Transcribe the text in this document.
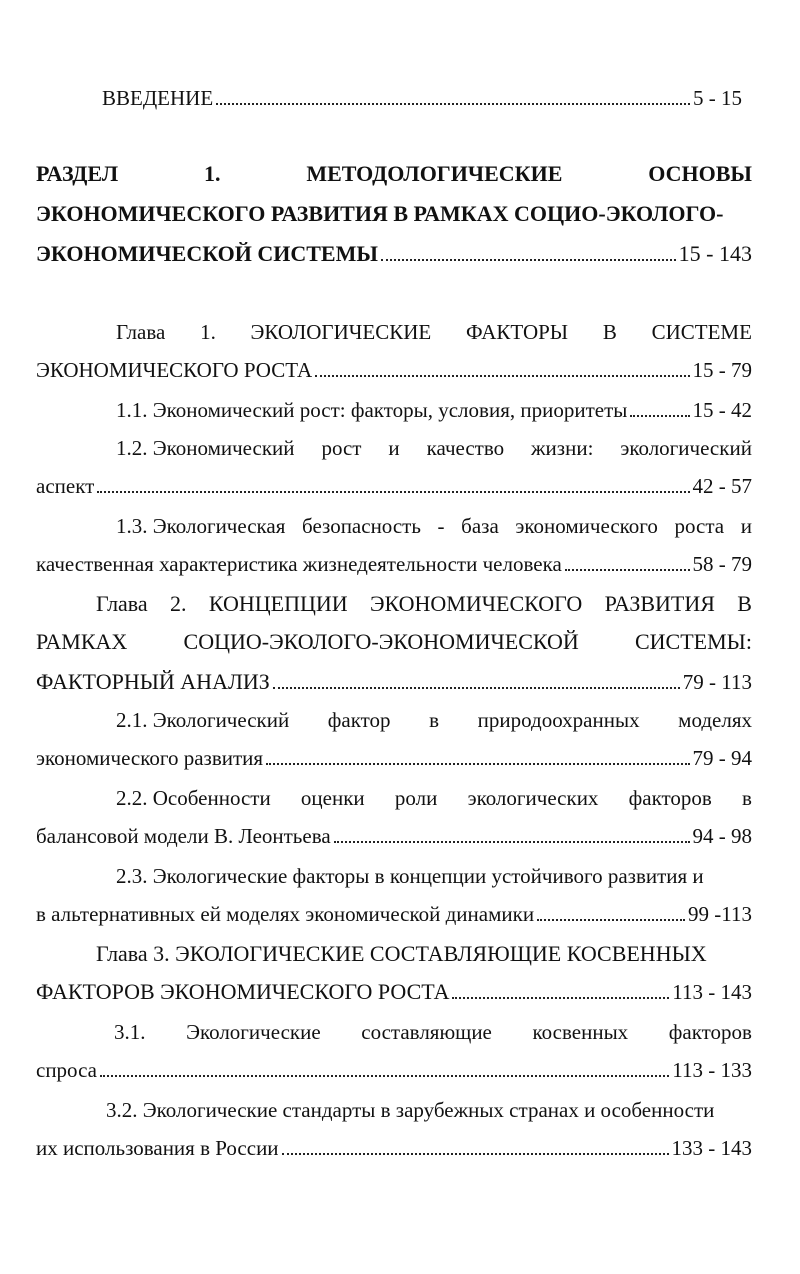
ВВЕДЕНИЕ	5 - 15
РАЗДЕЛ	1.	МЕТОДОЛОГИЧЕСКИЕ	ОСНОВЫ
ЭКОНОМИЧЕСКОГО РАЗВИТИЯ В РАМКАХ СОЦИО-ЭКОЛОГО-
ЭКОНОМИЧЕСКОЙ СИСТЕМЫ	15 - 143
Глава 1. ЭКОЛОГИЧЕСКИЕ ФАКТОРЫ В СИСТЕМЕ
ЭКОНОМИЧЕСКОГО РОСТА	15 - 79
1.1. Экономический рост: факторы, условия, приоритеты	15 - 42
1.2. Экономический рост и качество жизни: экологический
аспект	42 - 57
1.3. Экологическая безопасность - база экономического роста и
качественная характеристика жизнедеятельности человека	58 - 79
Глава 2. КОНЦЕПЦИИ ЭКОНОМИЧЕСКОГО РАЗВИТИЯ В
РАМКАХ	СОЦИО-ЭКОЛОГО-ЭКОНОМИЧЕСКОЙ	СИСТЕМЫ:
ФАКТОРНЫЙ АНАЛИЗ	79 - 113
2.1. Экологический фактор в природоохранных моделях
экономического развития	79 - 94
2.2. Особенности оценки роли экологических факторов в
балансовой модели В. Леонтьева	94 - 98
2.3. Экологические факторы в концепции устойчивого развития и
в альтернативных ей моделях экономической динамики	99 -113
Глава 3. ЭКОЛОГИЧЕСКИЕ СОСТАВЛЯЮЩИЕ КОСВЕННЫХ
ФАКТОРОВ ЭКОНОМИЧЕСКОГО РОСТА	113 - 143
3.1. Экологические составляющие косвенных факторов
спроса	113 - 133
3.2. Экологические стандарты в зарубежных странах и особенности
их использования в России	133 - 143
